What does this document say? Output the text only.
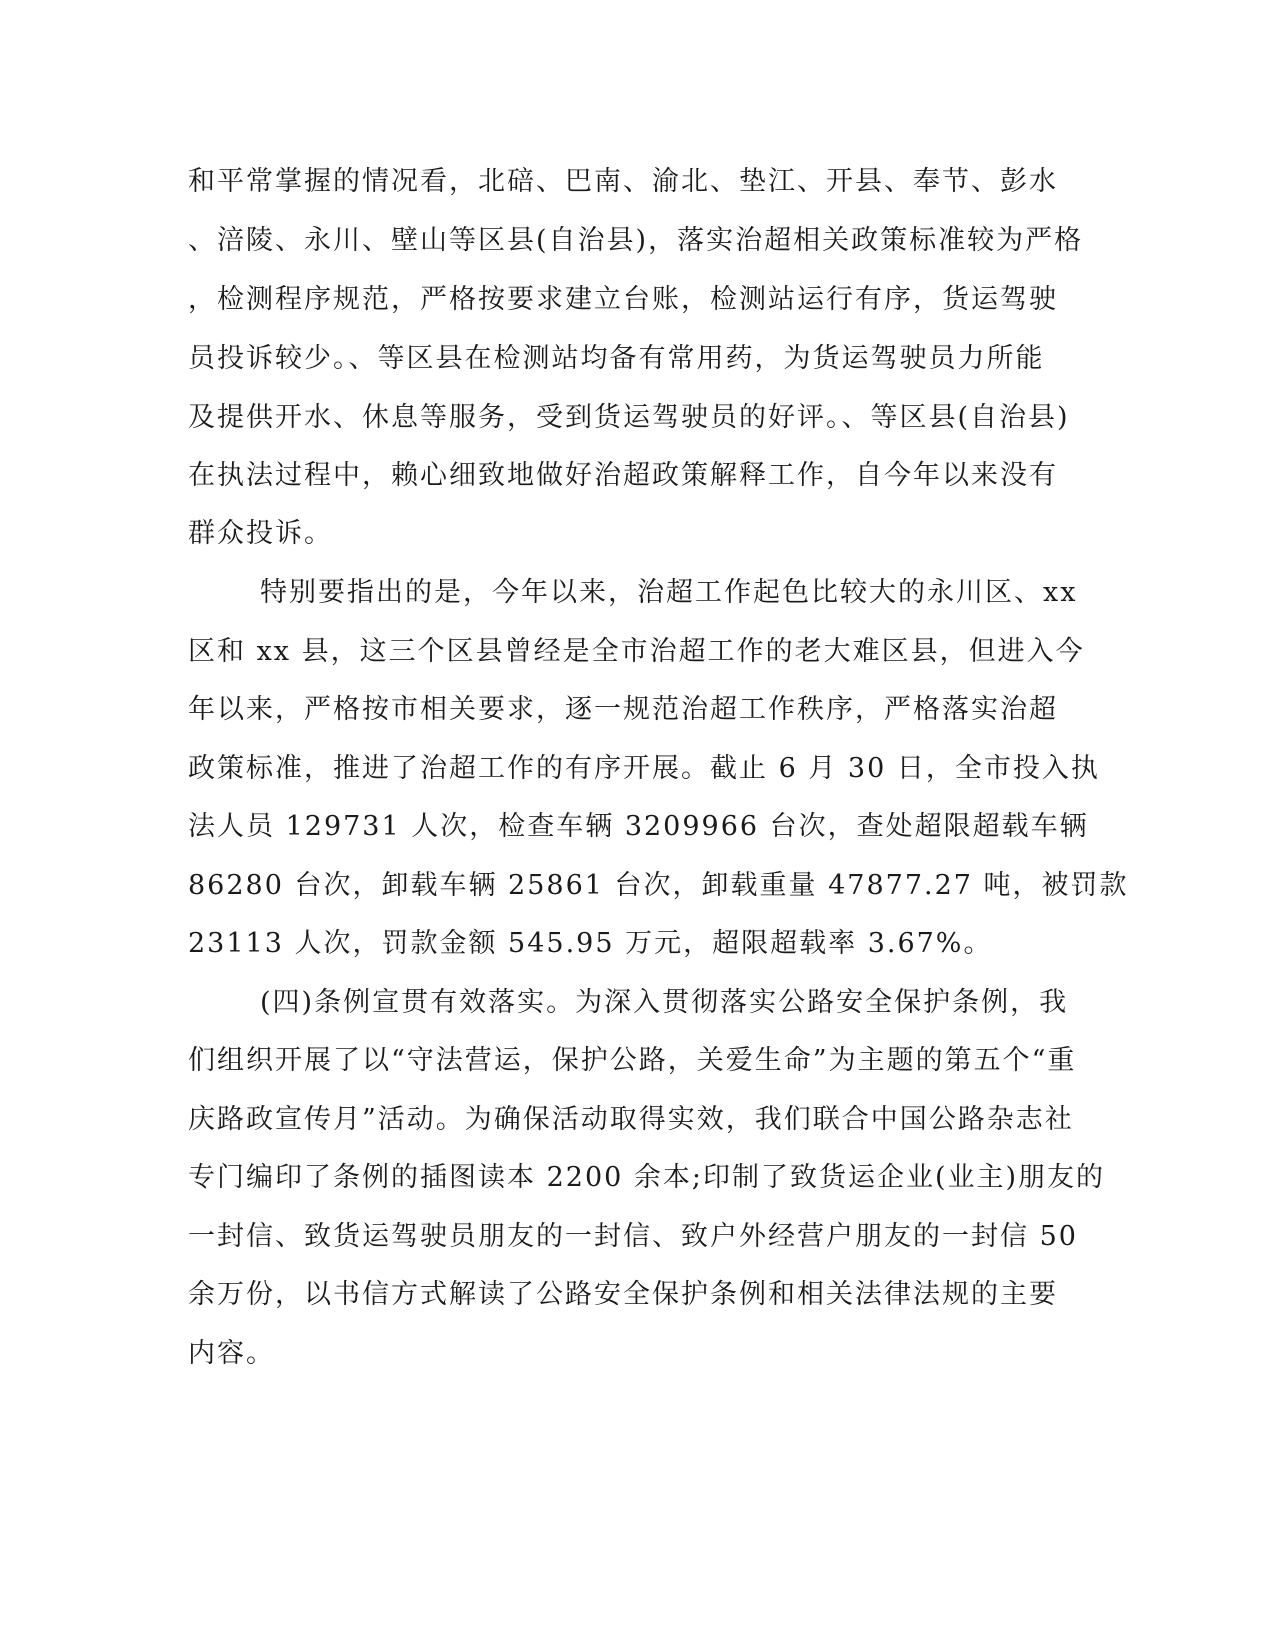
和平常掌握的情况看，北碚、巴南、渝北、垫江、开县、奉节、彭水
、涪陵、永川、壁山等区县(自治县)，落实治超相关政策标准较为严格
，检测程序规范，严格按要求建立台账，检测站运行有序，货运驾驶
员投诉较少。、等区县在检测站均备有常用药，为货运驾驶员力所能
及提供开水、休息等服务，受到货运驾驶员的好评。、等区县(自治县)
在执法过程中，赖心细致地做好治超政策解释工作，自今年以来没有
群众投诉。
特别要指出的是，今年以来，治超工作起色比较大的永川区、xx
区和 xx 县，这三个区县曾经是全市治超工作的老大难区县，但进入今
年以来，严格按市相关要求，逐一规范治超工作秩序，严格落实治超
政策标准，推进了治超工作的有序开展。截止 6 月 30 日，全市投入执
法人员 129731 人次，检查车辆 3209966 台次，查处超限超载车辆
86280 台次，卸载车辆 25861 台次，卸载重量 47877.27 吨，被罚款
23113 人次，罚款金额 545.95 万元，超限超载率 3.67%。
(四)条例宣贯有效落实。为深入贯彻落实公路安全保护条例，我
们组织开展了以“守法营运，保护公路，关爱生命”为主题的第五个“重
庆路政宣传月”活动。为确保活动取得实效，我们联合中国公路杂志社
专门编印了条例的插图读本 2200 余本;印制了致货运企业(业主)朋友的
一封信、致货运驾驶员朋友的一封信、致户外经营户朋友的一封信 50
余万份，以书信方式解读了公路安全保护条例和相关法律法规的主要
内容。
